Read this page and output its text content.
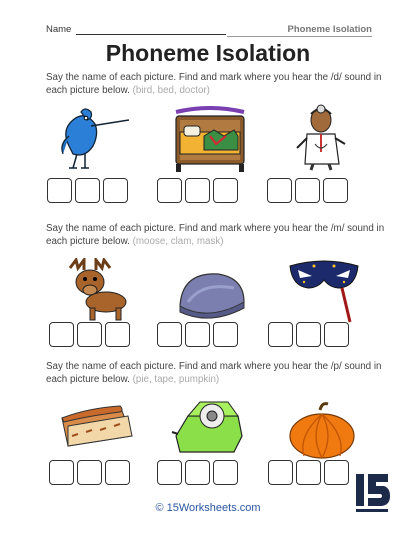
Name	Phoneme Isolation
Phoneme Isolation
Say the name of each picture. Find and mark where you hear the /d/ sound in each picture below. (bird, bed, doctor)
Say the name of each picture. Find and mark where you hear the /m/ sound in each picture below. (moose, clam, mask)
Say the name of each picture. Find and mark where you hear the /p/ sound in each picture below. (pie, tape, pumpkin)
© 15Worksheets.com
